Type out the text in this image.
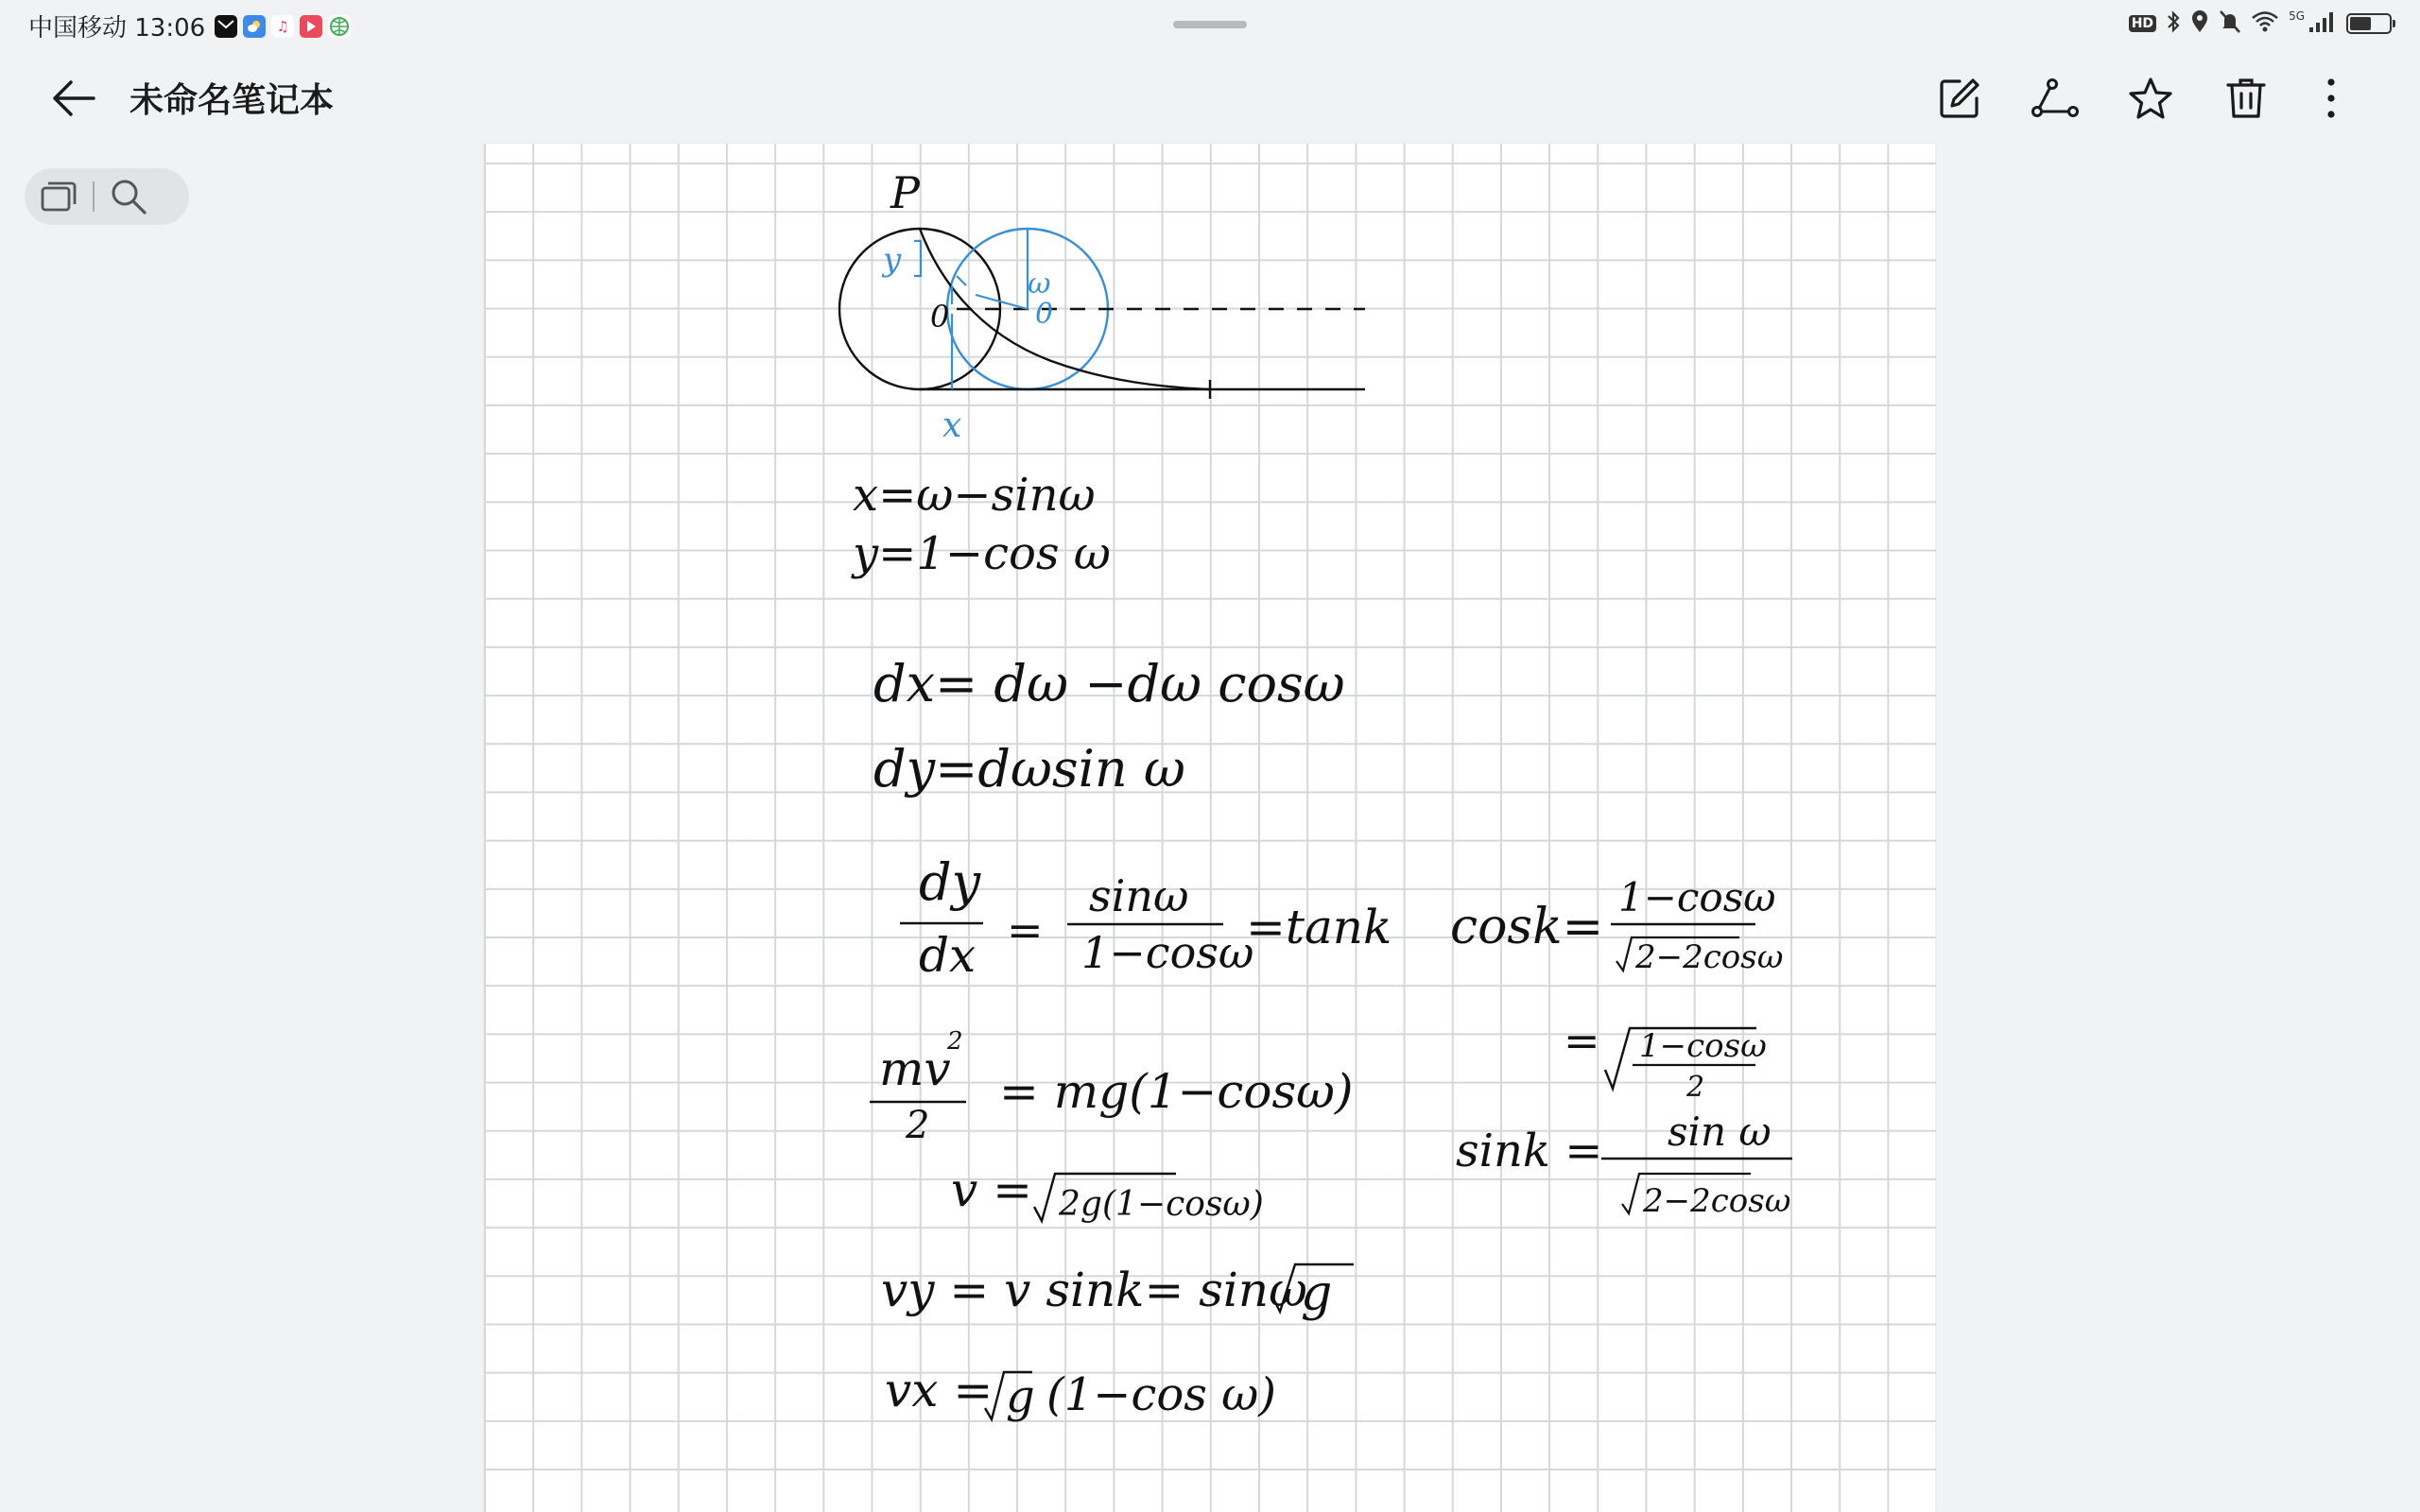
中国移动 13:06	♫	HD	5G
未命名笔记本
P
y
0
ω
0
x
x=ω−sinω
y=1−cos ω
dx= dω −dω cosω
dy=dωsin ω
dy
dx =
sinω
1−cosω
=tank cosk=
1−cosω
2−2cosω
= 1−cosω
2
sink = sin ω
2−2cosω
mv
2
2
= mg(1−cosω)
v = 2g(1−cosω)
vy = v sink= sinω
g
vx = g (1−cos ω)
